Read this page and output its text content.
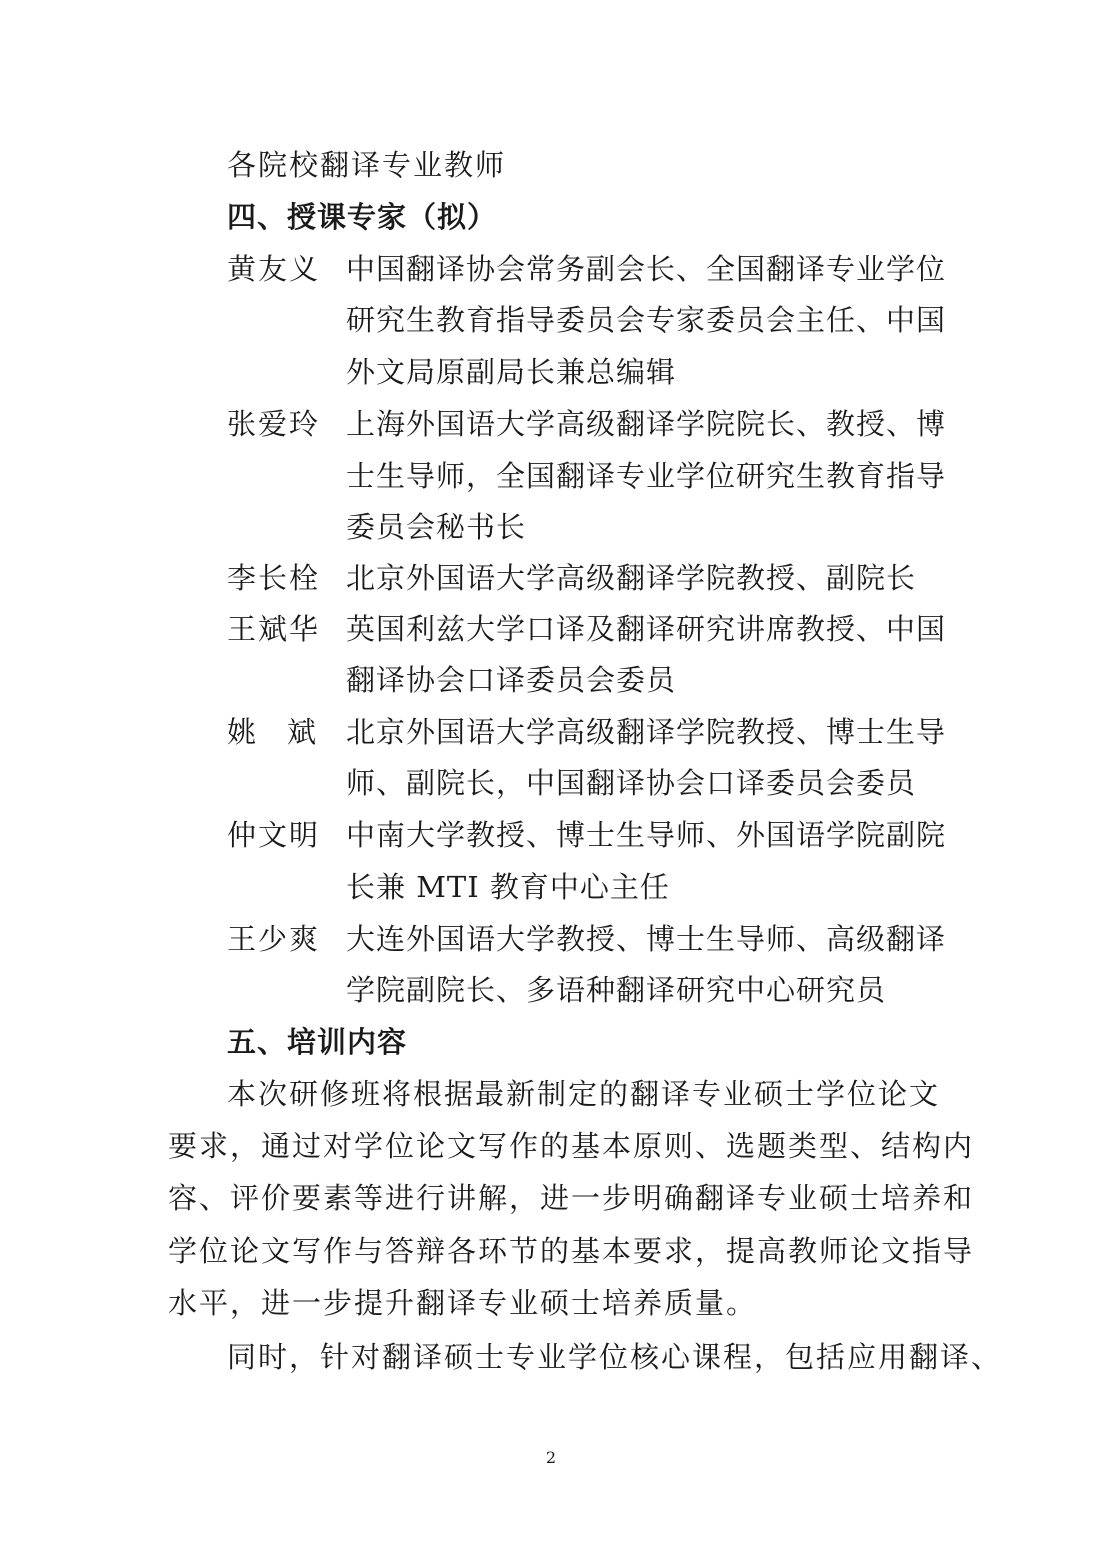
各院校翻译专业教师
四、授课专家（拟）
黄友义 中国翻译协会常务副会长、全国翻译专业学位
研究生教育指导委员会专家委员会主任、中国
外文局原副局长兼总编辑
张爱玲 上海外国语大学高级翻译学院院长、教授、博
士生导师，全国翻译专业学位研究生教育指导
委员会秘书长
李长栓 北京外国语大学高级翻译学院教授、副院长
王斌华 英国利兹大学口译及翻译研究讲席教授、中国
翻译协会口译委员会委员
姚 斌 北京外国语大学高级翻译学院教授、博士生导
师、副院长，中国翻译协会口译委员会委员
仲文明 中南大学教授、博士生导师、外国语学院副院
长兼 MTI 教育中心主任
王少爽 大连外国语大学教授、博士生导师、高级翻译
学院副院长、多语种翻译研究中心研究员
五、培训内容
本次研修班将根据最新制定的翻译专业硕士学位论文
要求，通过对学位论文写作的基本原则、选题类型、结构内
容、评价要素等进行讲解，进一步明确翻译专业硕士培养和
学位论文写作与答辩各环节的基本要求，提高教师论文指导
水平，进一步提升翻译专业硕士培养质量。
同时，针对翻译硕士专业学位核心课程，包括应用翻译、
2
